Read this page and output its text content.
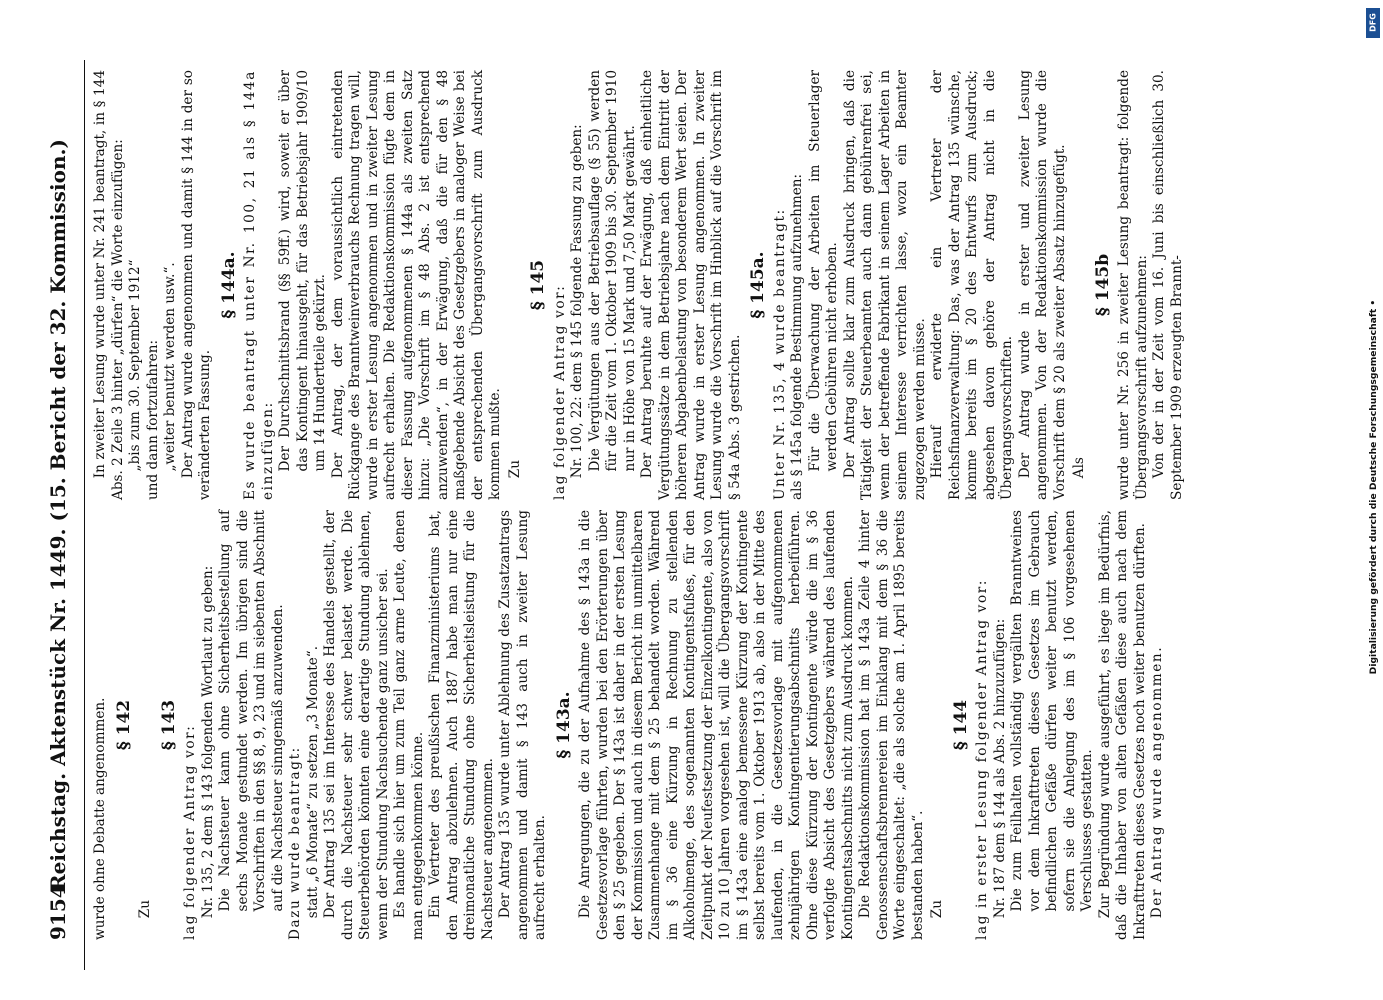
9154
Reichstag. Aktenstück Nr. 1449. (15. Bericht der 32. Kommission.) wurde ohne Debatte angenommen. § 142

Zu

§ 143 lag folgender Antrag vor: Nr. 135, 2 dem § 143 folgenden Wortlaut zu geben: Die Nachsteuer kann ohne Sicherheitsbestellung auf sechs Monate gestundet werden. Im übrigen sind die Vorschriften in den §§ 8, 9, 23 und im siebenten Abschnitt auf die Nachsteuer sinngemäß anzuwenden. Dazu wurde beantragt: statt „6 Monate“ zu setzen „3 Monate“. Der Antrag 135 sei im Interesse des Handels gestellt, der durch die Nachsteuer sehr schwer belastet werde. Die Steuerbehörden könnten eine derartige Stundung ablehnen, wenn der Stundung Nachsuchende ganz unsicher sei. Es handle sich hier um zum Teil ganz arme Leute, denen man entgegenkommen könne. Ein Vertreter des preußischen Finanzministeriums bat, den Antrag abzulehnen. Auch 1887 habe man nur eine dreimonatliche Stundung ohne Sicherheitsleistung für die Nachsteuer angenommen. Der Antrag 135 wurde unter Ablehnung des Zusatzantrags angenommen und damit § 143 auch in zweiter Lesung aufrecht erhalten.

§ 143a. Die Anregungen, die zu der Aufnahme des § 143a in die Gesetzesvorlage führten, wurden bei den Erörterungen über den § 25 gegeben. Der § 143a ist daher in der ersten Lesung der Kommission und auch in diesem Bericht im unmittelbaren Zusammenhange mit dem § 25 behandelt worden. Während im § 36 eine Kürzung in Rechnung zu stellenden Alkoholmenge, des sogenannten Kontingentsfußes, für den Zeitpunkt der Neufestsetzung der Einzelkontingente, also von 10 zu 10 Jahren vorgesehen ist, will die Übergangsvorschrift im § 143a eine analog bemessene Kürzung der Kontingente selbst bereits vom 1. Oktober 1913 ab, also in der Mitte des laufenden, in die Gesetzesvorlage mit aufgenommenen zehnjährigen Kontingentierungsabschnitts herbeiführen. Ohne diese Kürzung der Kontingente würde die im § 36 verfolgte Absicht des Gesetzgebers während des laufenden Kontingentsabschnitts nicht zum Ausdruck kommen. Die Redaktionskommission hat im § 143a Zeile 4 hinter Genossenschaftsbrennereien im Einklang mit dem § 36 die Worte eingeschaltet: „die als solche am 1. April 1895 bereits bestanden haben“. Zu

§ 144 lag in erster Lesung folgender Antrag vor: Nr. 187 dem § 144 als Abs. 2 hinzuzufügen: Die zum Feilhalten vollständig vergällten Branntweines vor dem Inkrafttreten dieses Gesetzes im Gebrauch befindlichen Gefäße dürfen weiter benutzt werden, sofern sie die Anlegung des im § 106 vorgesehenen Verschlusses gestatten. Zur Begründung wurde ausgeführt, es liege im Bedürfnis, daß die Inhaber von alten Gefäßen diese auch nach dem Inkrafttreten dieses Gesetzes noch weiter benutzen dürften. Der Antrag wurde angenommen.

In zweiter Lesung wurde unter Nr. 241 beantragt, in § 144 Abs. 2 Zeile 3 hinter „dürfen“ die Worte einzufügen: „bis zum 30. September 1912“ und dann fortzufahren: „weiter benutzt werden usw.“. Der Antrag wurde angenommen und damit § 144 in der so veränderten Fassung.

§ 144a. Es wurde beantragt unter Nr. 100, 21 als § 144a einzufügen: Der Durchschnittsbrand (§§ 59ff.) wird, soweit er über das Kontingent hinausgeht, für das Betriebsjahr 1909/10 um 14 Hundertteile gekürzt. Der Antrag, der dem voraussichtlich eintretenden Rückgange des Branntweinverbrauchs Rechnung tragen will, wurde in erster Lesung angenommen und in zweiter Lesung aufrecht erhalten. Die Redaktionskommission fügte dem in dieser Fassung aufgenommenen § 144a als zweiten Satz hinzu: „Die Vorschrift im § 48 Abs. 2 ist entsprechend anzuwenden“, in der Erwägung, daß die für den § 48 maßgebende Absicht des Gesetzgebers in analoger Weise bei der entsprechenden Übergangsvorschrift zum Ausdruck kommen mußte. Zu

§ 145 lag folgender Antrag vor: Nr. 100, 22: dem § 145 folgende Fassung zu geben: Die Vergütungen aus der Betriebsauflage (§ 55) werden für die Zeit vom 1. Oktober 1909 bis 30. September 1910 nur in Höhe von 15 Mark und 7,50 Mark gewährt. Der Antrag beruhte auf der Erwägung, daß einheitliche Vergütungssätze in dem Betriebsjahre nach dem Eintritt der höheren Abgabenbelastung von besonderem Wert seien. Der Antrag wurde in erster Lesung angenommen. In zweiter Lesung wurde die Vorschrift im Hinblick auf die Vorschrift im § 54a Abs. 3 gestrichen.

§ 145a. Unter Nr. 135, 4 wurde beantragt: als § 145a folgende Bestimmung aufzunehmen: Für die Überwachung der Arbeiten im Steuerlager werden Gebühren nicht erhoben. Der Antrag sollte klar zum Ausdruck bringen, daß die Tätigkeit der Steuerbeamten auch dann gebührenfrei sei, wenn der betreffende Fabrikant in seinem Lager Arbeiten in seinem Interesse verrichten lasse, wozu ein Beamter zugezogen werden müsse. Hierauf erwiderte ein Vertreter der Reichsfinanzverwaltung: Das, was der Antrag 135 wünsche, komme bereits im § 20 des Entwurfs zum Ausdruck; abgesehen davon gehöre der Antrag nicht in die Übergangsvorschriften. Der Antrag wurde in erster und zweiter Lesung angenommen. Von der Redaktionskommission wurde die Vorschrift dem § 20 als zweiter Absatz hinzugefügt. Als

§ 145b wurde unter Nr. 256 in zweiter Lesung beantragt: folgende Übergangsvorschrift aufzunehmen: Von der in der Zeit vom 16. Juni bis einschließlich 30. September 1909 erzeugten Brannt-

DFG
Digitalisierung gefördert durch die Deutsche Forschungsgemeinschaft •
